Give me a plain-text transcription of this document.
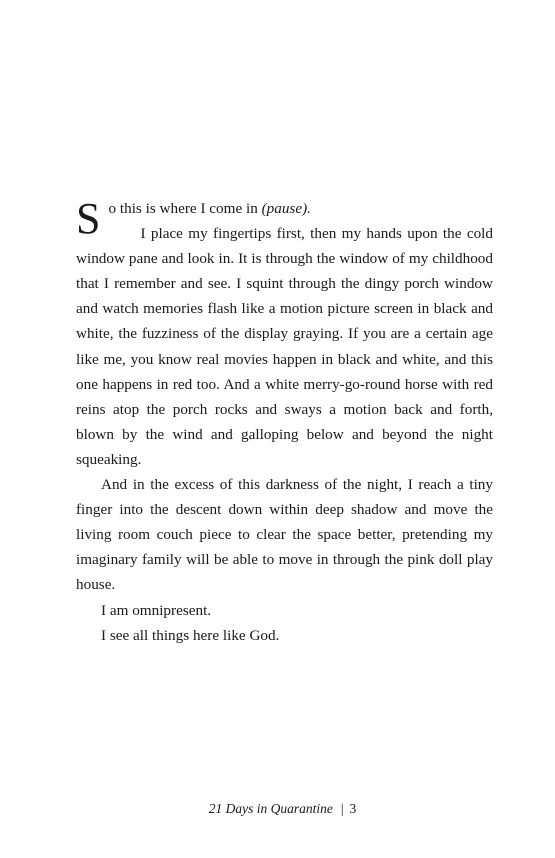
S o this is where I come in (pause).
I place my fingertips first, then my hands upon the cold window pane and look in. It is through the window of my childhood that I remember and see. I squint through the dingy porch window and watch memories flash like a motion picture screen in black and white, the fuzziness of the display graying. If you are a certain age like me, you know real movies happen in black and white, and this one happens in red too. And a white merry-go-round horse with red reins atop the porch rocks and sways a motion back and forth, blown by the wind and galloping below and beyond the night squeaking.

And in the excess of this darkness of the night, I reach a tiny finger into the descent down within deep shadow and move the living room couch piece to clear the space better, pretending my imaginary family will be able to move in through the pink doll play house.

I am omnipresent.

I see all things here like God.

21 Days in Quarantine | 3
